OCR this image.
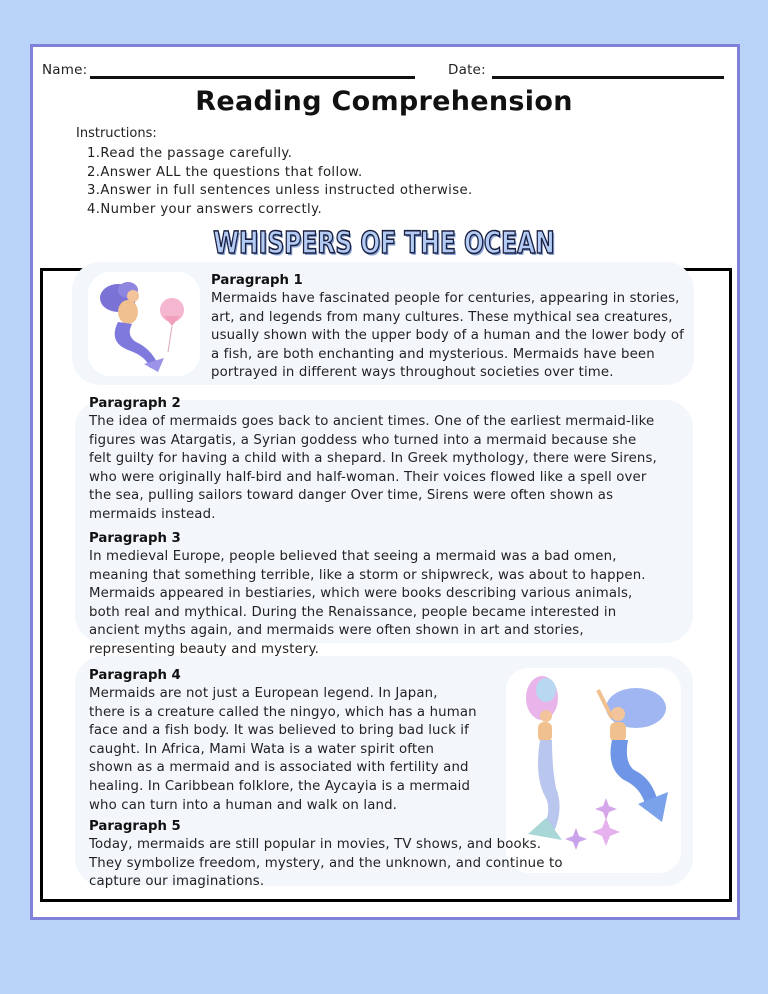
Name:	Date:
Reading Comprehension
Instructions:
1.Read the passage carefully.
2.Answer ALL the questions that follow.
3.Answer in full sentences unless instructed otherwise.
4.Number your answers correctly.
WHISPERS OF THE OCEAN
Paragraph 1
Mermaids have fascinated people for centuries, appearing in stories,
art, and legends from many cultures. These mythical sea creatures,
usually shown with the upper body of a human and the lower body of
a fish, are both enchanting and mysterious. Mermaids have been
portrayed in different ways throughout societies over time.
Paragraph 2
The idea of mermaids goes back to ancient times. One of the earliest mermaid-like
figures was Atargatis, a Syrian goddess who turned into a mermaid because she
felt guilty for having a child with a shepard. In Greek mythology, there were Sirens,
who were originally half-bird and half-woman. Their voices flowed like a spell over
the sea, pulling sailors toward danger Over time, Sirens were often shown as
mermaids instead.
Paragraph 3
In medieval Europe, people believed that seeing a mermaid was a bad omen,
meaning that something terrible, like a storm or shipwreck, was about to happen.
Mermaids appeared in bestiaries, which were books describing various animals,
both real and mythical. During the Renaissance, people became interested in
ancient myths again, and mermaids were often shown in art and stories,
representing beauty and mystery.
Paragraph 4
Mermaids are not just a European legend. In Japan,
there is a creature called the ningyo, which has a human
face and a fish body. It was believed to bring bad luck if
caught. In Africa, Mami Wata is a water spirit often
shown as a mermaid and is associated with fertility and
healing. In Caribbean folklore, the Aycayia is a mermaid
who can turn into a human and walk on land.
Paragraph 5
Today, mermaids are still popular in movies, TV shows, and books.
They symbolize freedom, mystery, and the unknown, and continue to
capture our imaginations.
